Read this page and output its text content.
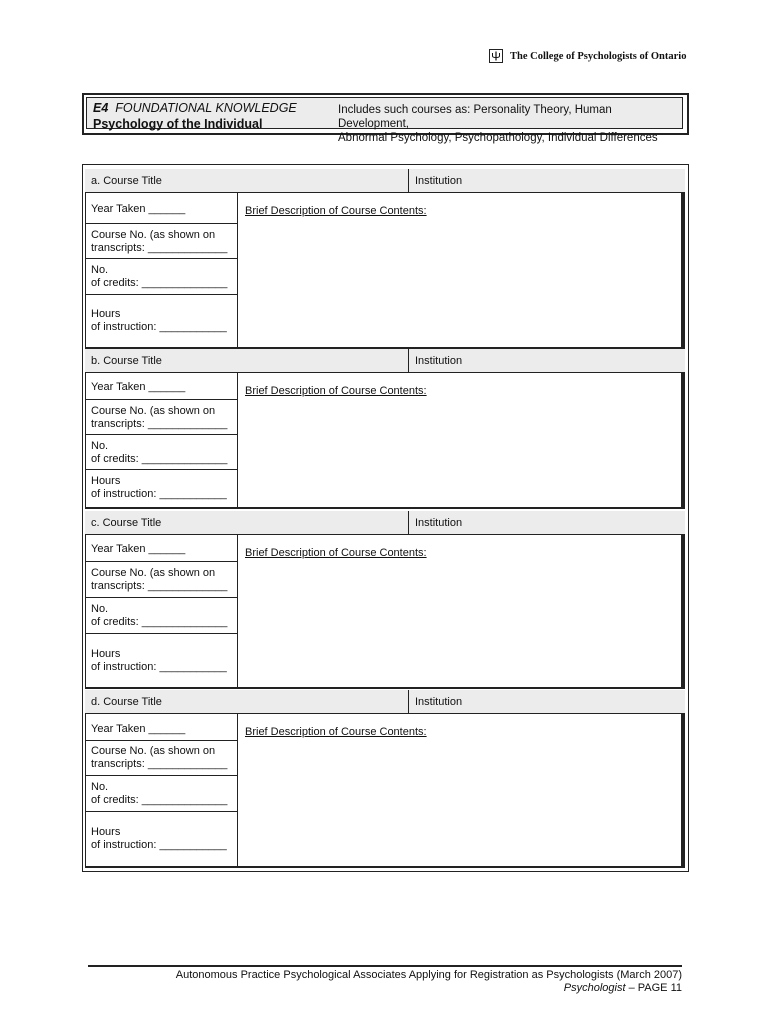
The College of Psychologists of Ontario
E4 FOUNDATIONAL KNOWLEDGE
Psychology of the Individual
Includes such courses as: Personality Theory, Human Development,
Abnormal Psychology, Psychopathology, Individual Differences
a. Course Title	Institution
Year Taken ______
Course No. (as shown on
transcripts: _____________
No.
of credits: ______________
Hours
of instruction: ___________
Brief Description of Course Contents:
b. Course Title	Institution
Year Taken ______
Course No. (as shown on
transcripts: _____________
No.
of credits: ______________
Hours
of instruction: ___________
Brief Description of Course Contents:
c. Course Title	Institution
Year Taken ______
Course No. (as shown on
transcripts: _____________
No.
of credits: ______________
Hours
of instruction: ___________
Brief Description of Course Contents:
d. Course Title	Institution
Year Taken ______
Course No. (as shown on
transcripts: _____________
No.
of credits: ______________
Hours
of instruction: ___________
Brief Description of Course Contents:
Autonomous Practice Psychological Associates Applying for Registration as Psychologists (March 2007)
Psychologist – PAGE 11
